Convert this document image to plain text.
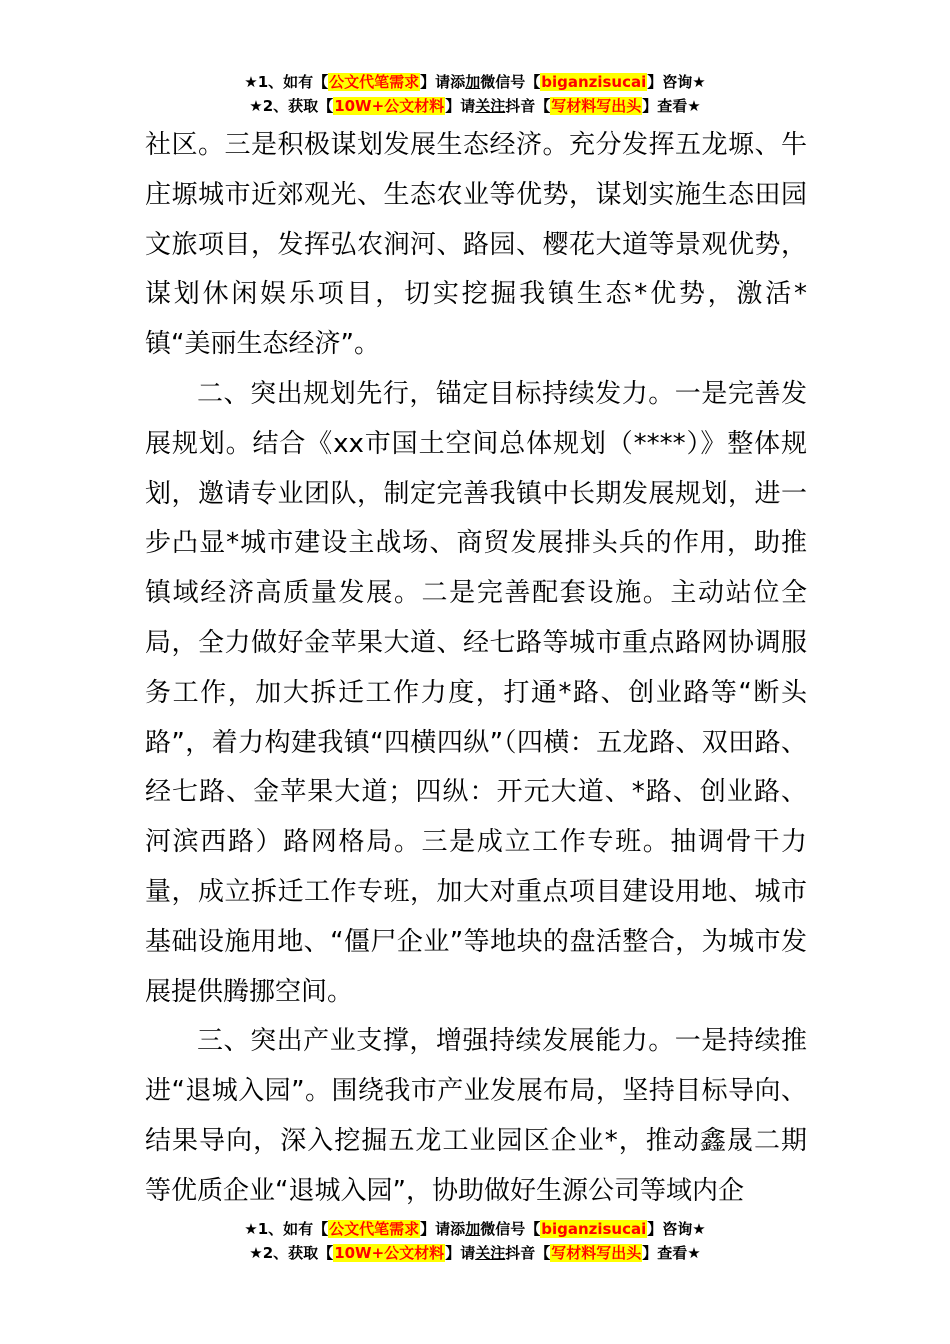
★1、如有【公文代笔需求】请添加微信号【biganzisucai】咨询★
★2、获取【10W+公文材料】请关注抖音【写材料写出头】查看★

社区。三是积极谋划发展生态经济。充分发挥五龙塬、牛庄塬城市近郊观光、生态农业等优势，谋划实施生态田园文旅项目，发挥弘农涧河、路园、樱花大道等景观优势，谋划休闲娱乐项目，切实挖掘我镇生态*优势，激活*镇“美丽生态经济”。

二、突出规划先行，锚定目标持续发力。一是完善发展规划。结合《xx市国土空间总体规划（****）》整体规划，邀请专业团队，制定完善我镇中长期发展规划，进一步凸显*城市建设主战场、商贸发展排头兵的作用，助推镇域经济高质量发展。二是完善配套设施。主动站位全局，全力做好金苹果大道、经七路等城市重点路网协调服务工作，加大拆迁工作力度，打通*路、创业路等“断头路”，着力构建我镇“四横四纵”（四横：五龙路、双田路、经七路、金苹果大道；四纵：开元大道、*路、创业路、河滨西路）路网格局。三是成立工作专班。抽调骨干力量，成立拆迁工作专班，加大对重点项目建设用地、城市基础设施用地、“僵尸企业”等地块的盘活整合，为城市发展提供腾挪空间。

三、突出产业支撑，增强持续发展能力。一是持续推进“退城入园”。围绕我市产业发展布局，坚持目标导向、结果导向，深入挖掘五龙工业园区企业*，推动鑫晟二期等优质企业“退城入园”，协助做好生源公司等域内企

★1、如有【公文代笔需求】请添加微信号【biganzisucai】咨询★
★2、获取【10W+公文材料】请关注抖音【写材料写出头】查看★
